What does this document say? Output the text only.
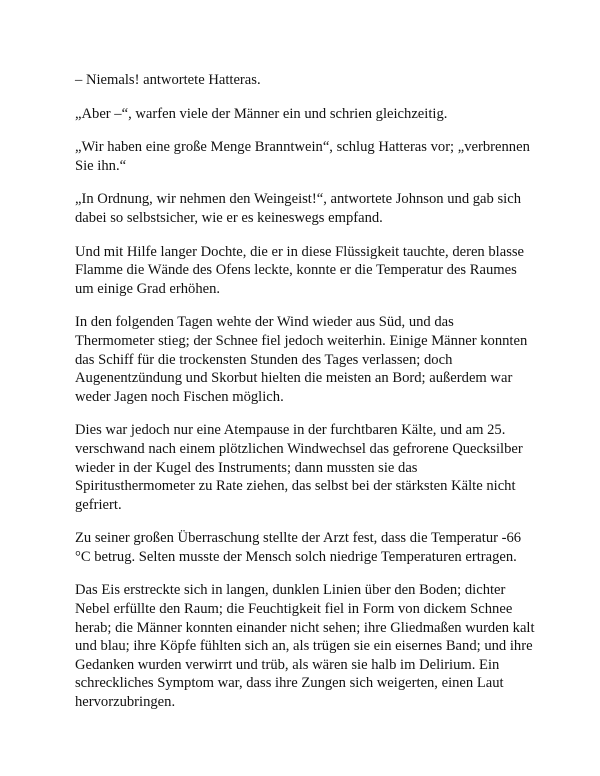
– Niemals! antwortete Hatteras.

„Aber –“, warfen viele der Männer ein und schrien gleichzeitig.

„Wir haben eine große Menge Branntwein“, schlug Hatteras vor; „verbrennen Sie ihn.“

„In Ordnung, wir nehmen den Weingeist!“, antwortete Johnson und gab sich dabei so selbstsicher, wie er es keineswegs empfand.

Und mit Hilfe langer Dochte, die er in diese Flüssigkeit tauchte, deren blasse Flamme die Wände des Ofens leckte, konnte er die Temperatur des Raumes um einige Grad erhöhen.

In den folgenden Tagen wehte der Wind wieder aus Süd, und das Thermometer stieg; der Schnee fiel jedoch weiterhin. Einige Männer konnten das Schiff für die trockensten Stunden des Tages verlassen; doch Augenentzündung und Skorbut hielten die meisten an Bord; außerdem war weder Jagen noch Fischen möglich.

Dies war jedoch nur eine Atempause in der furchtbaren Kälte, und am 25. verschwand nach einem plötzlichen Windwechsel das gefrorene Quecksilber wieder in der Kugel des Instruments; dann mussten sie das Spiritusthermometer zu Rate ziehen, das selbst bei der stärksten Kälte nicht gefriert.

Zu seiner großen Überraschung stellte der Arzt fest, dass die Temperatur -66 °C betrug. Selten musste der Mensch solch niedrige Temperaturen ertragen.

Das Eis erstreckte sich in langen, dunklen Linien über den Boden; dichter Nebel erfüllte den Raum; die Feuchtigkeit fiel in Form von dickem Schnee herab; die Männer konnten einander nicht sehen; ihre Gliedmaßen wurden kalt und blau; ihre Köpfe fühlten sich an, als trügen sie ein eisernes Band; und ihre Gedanken wurden verwirrt und trüb, als wären sie halb im Delirium. Ein schreckliches Symptom war, dass ihre Zungen sich weigerten, einen Laut hervorzubringen.
